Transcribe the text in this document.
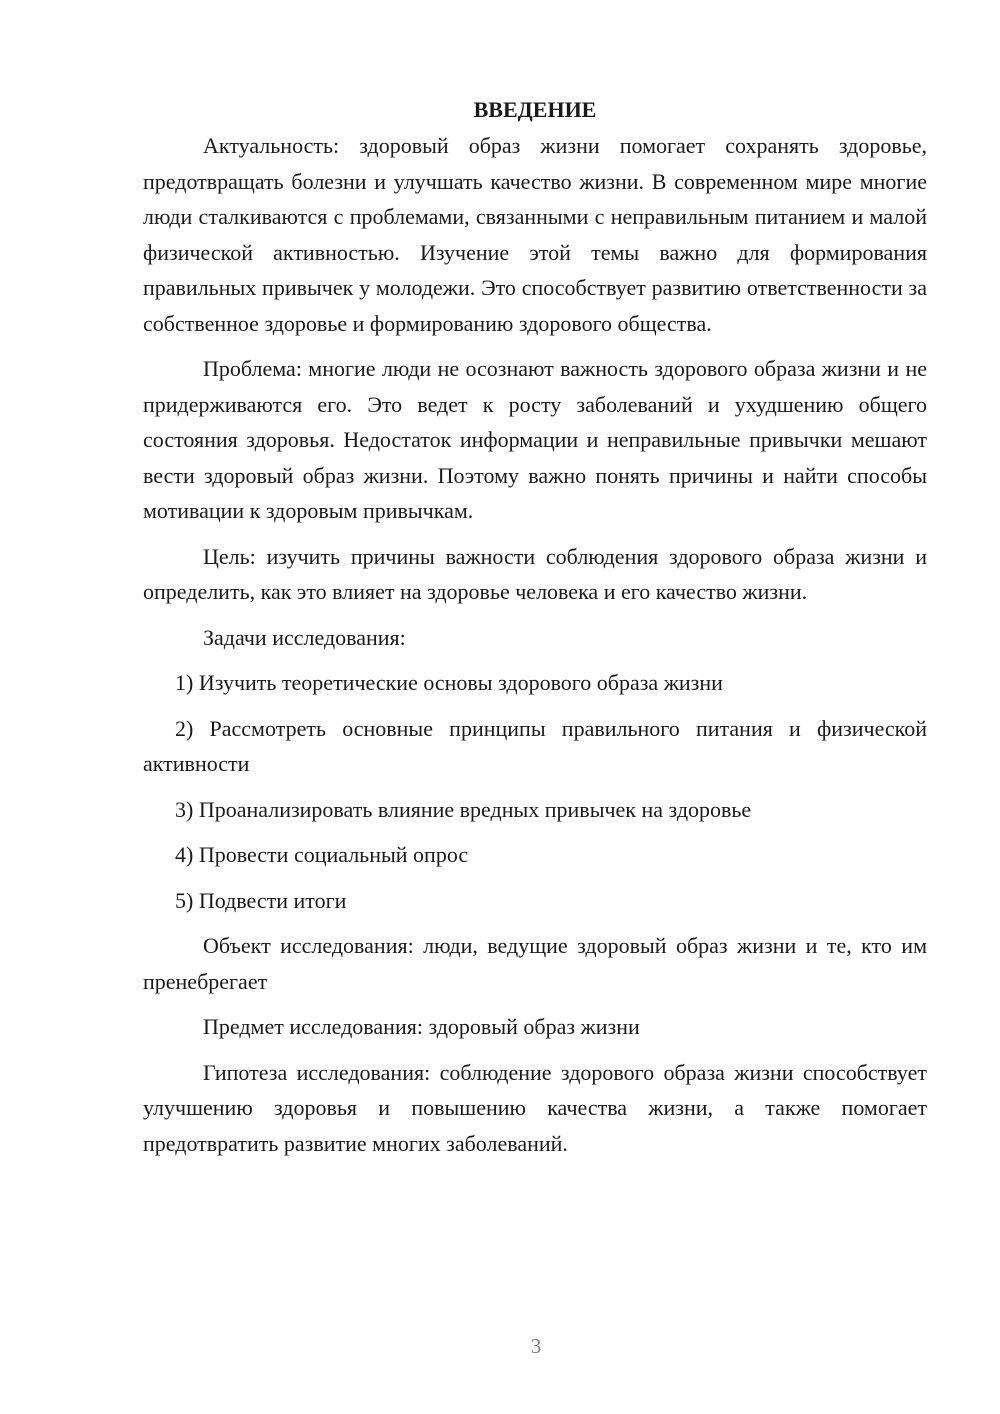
ВВЕДЕНИЕ

Актуальность: здоровый образ жизни помогает сохранять здоровье, предотвращать болезни и улучшать качество жизни. В современном мире многие люди сталкиваются с проблемами, связанными с неправильным питанием и малой физической активностью. Изучение этой темы важно для формирования правильных привычек у молодежи. Это способствует развитию ответственности за собственное здоровье и формированию здорового общества.

Проблема: многие люди не осознают важность здорового образа жизни и не придерживаются его. Это ведет к росту заболеваний и ухудшению общего состояния здоровья. Недостаток информации и неправильные привычки мешают вести здоровый образ жизни. Поэтому важно понять причины и найти способы мотивации к здоровым привычкам.

Цель: изучить причины важности соблюдения здорового образа жизни и определить, как это влияет на здоровье человека и его качество жизни.

Задачи исследования:

1) Изучить теоретические основы здорового образа жизни

2) Рассмотреть основные принципы правильного питания и физической активности

3) Проанализировать влияние вредных привычек на здоровье

4) Провести социальный опрос

5) Подвести итоги

Объект исследования: люди, ведущие здоровый образ жизни и те, кто им пренебрегает

Предмет исследования: здоровый образ жизни

Гипотеза исследования: соблюдение здорового образа жизни способствует улучшению здоровья и повышению качества жизни, а также помогает предотвратить развитие многих заболеваний.

3
